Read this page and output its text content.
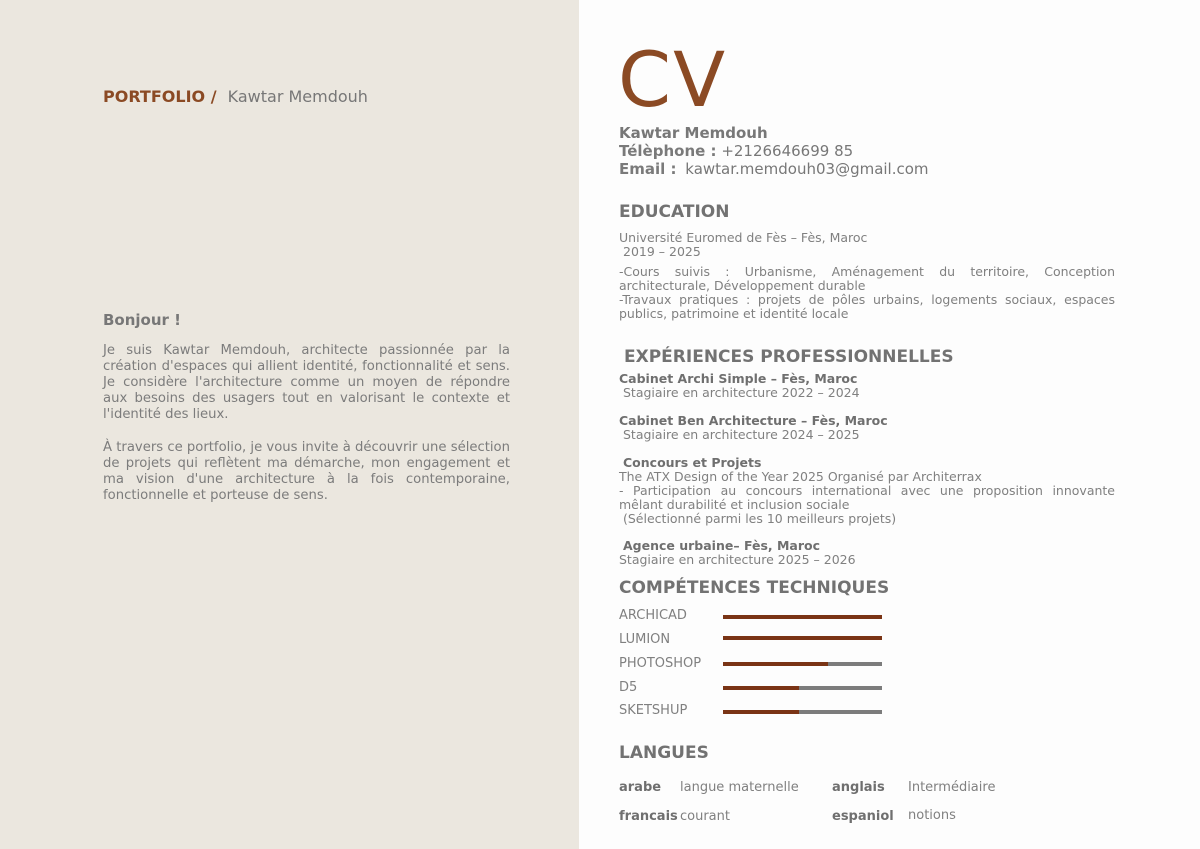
PORTFOLIO / Kawtar Memdouh
Bonjour !

Je suis Kawtar Memdouh, architecte passionnée par la création d'espaces qui allient identité, fonctionnalité et sens. Je considère l'architecture comme un moyen de répondre aux besoins des usagers tout en valorisant le contexte et l'identité des lieux.

À travers ce portfolio, je vous invite à découvrir une sélection de projets qui reflètent ma démarche, mon engagement et ma vision d'une architecture à la fois contemporaine, fonctionnelle et porteuse de sens.

CV
Kawtar Memdouh
Télèphone : +2126646699 85
Email : kawtar.memdouh03@gmail.com
EDUCATION

Université Euromed de Fès – Fès, Maroc

2019 – 2025

-Cours suivis : Urbanisme, Aménagement du territoire, Conception architecturale, Développement durable

-Travaux pratiques : projets de pôles urbains, logements sociaux, espaces publics, patrimoine et identité locale

EXPÉRIENCES PROFESSIONNELLES

Cabinet Archi Simple – Fès, Maroc

Stagiaire en architecture 2022 – 2024

Cabinet Ben Architecture – Fès, Maroc

Stagiaire en architecture 2024 – 2025

Concours et Projets

The ATX Design of the Year 2025 Organisé par Architerrax

- Participation au concours international avec une proposition innovante mêlant durabilité et inclusion sociale

(Sélectionné parmi les 10 meilleurs projets)

Agence urbaine– Fès, Maroc

Stagiaire en architecture 2025 – 2026

COMPÉTENCES TECHNIQUES
ARCHICAD
LUMION
PHOTOSHOP
D5
SKETSHUP
LANGUES
arabe langue maternelle	anglais Intermédiaire
francais courant	espaniol notions
